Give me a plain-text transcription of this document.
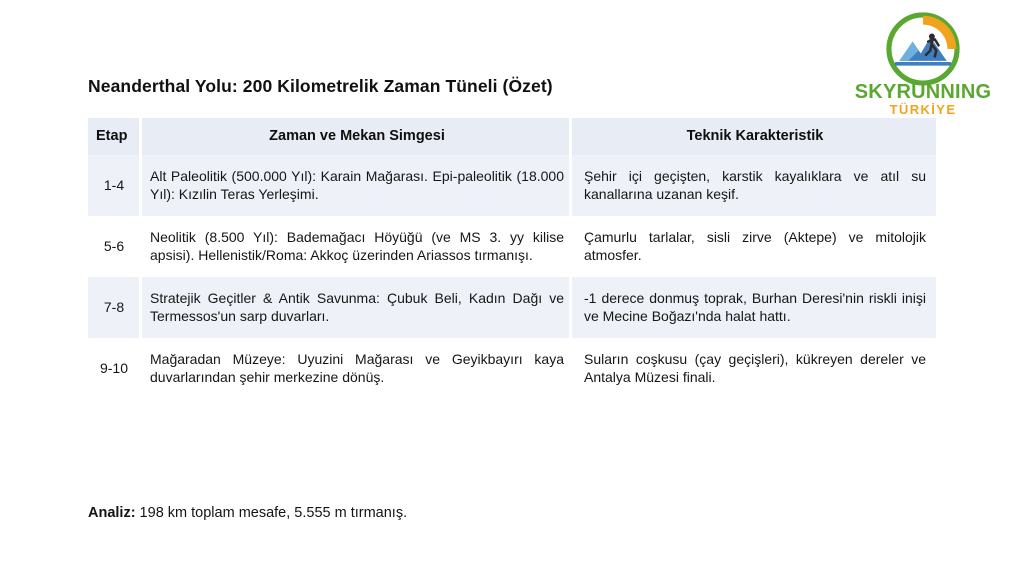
SKYRUNNING
TÜRKİYE
Neanderthal Yolu: 200 Kilometrelik Zaman Tüneli (Özet)
Etap	Zaman ve Mekan Simgesi	Teknik Karakteristik
1-4	Alt Paleolitik (500.000 Yıl): Karain Mağarası. Epi-paleolitik (18.000 Yıl): Kızılin Teras Yerleşimi.	Şehir içi geçişten, karstik kayalıklara ve atıl su kanallarına uzanan keşif.
5-6	Neolitik (8.500 Yıl): Bademağacı Höyüğü (ve MS 3. yy kilise apsisi). Hellenistik/Roma: Akkoç üzerinden Ariassos tırmanışı.	Çamurlu tarlalar, sisli zirve (Aktepe) ve mitolojik atmosfer.
7-8	Stratejik Geçitler & Antik Savunma: Çubuk Beli, Kadın Dağı ve Termessos'un sarp duvarları.	-1 derece donmuş toprak, Burhan Deresi'nin riskli inişi ve Mecine Boğazı'nda halat hattı.
9-10	Mağaradan Müzeye: Uyuzini Mağarası ve Geyikbayırı kaya duvarlarından şehir merkezine dönüş.	Suların coşkusu (çay geçişleri), kükreyen dereler ve Antalya Müzesi finali.
Analiz: 198 km toplam mesafe, 5.555 m tırmanış.
